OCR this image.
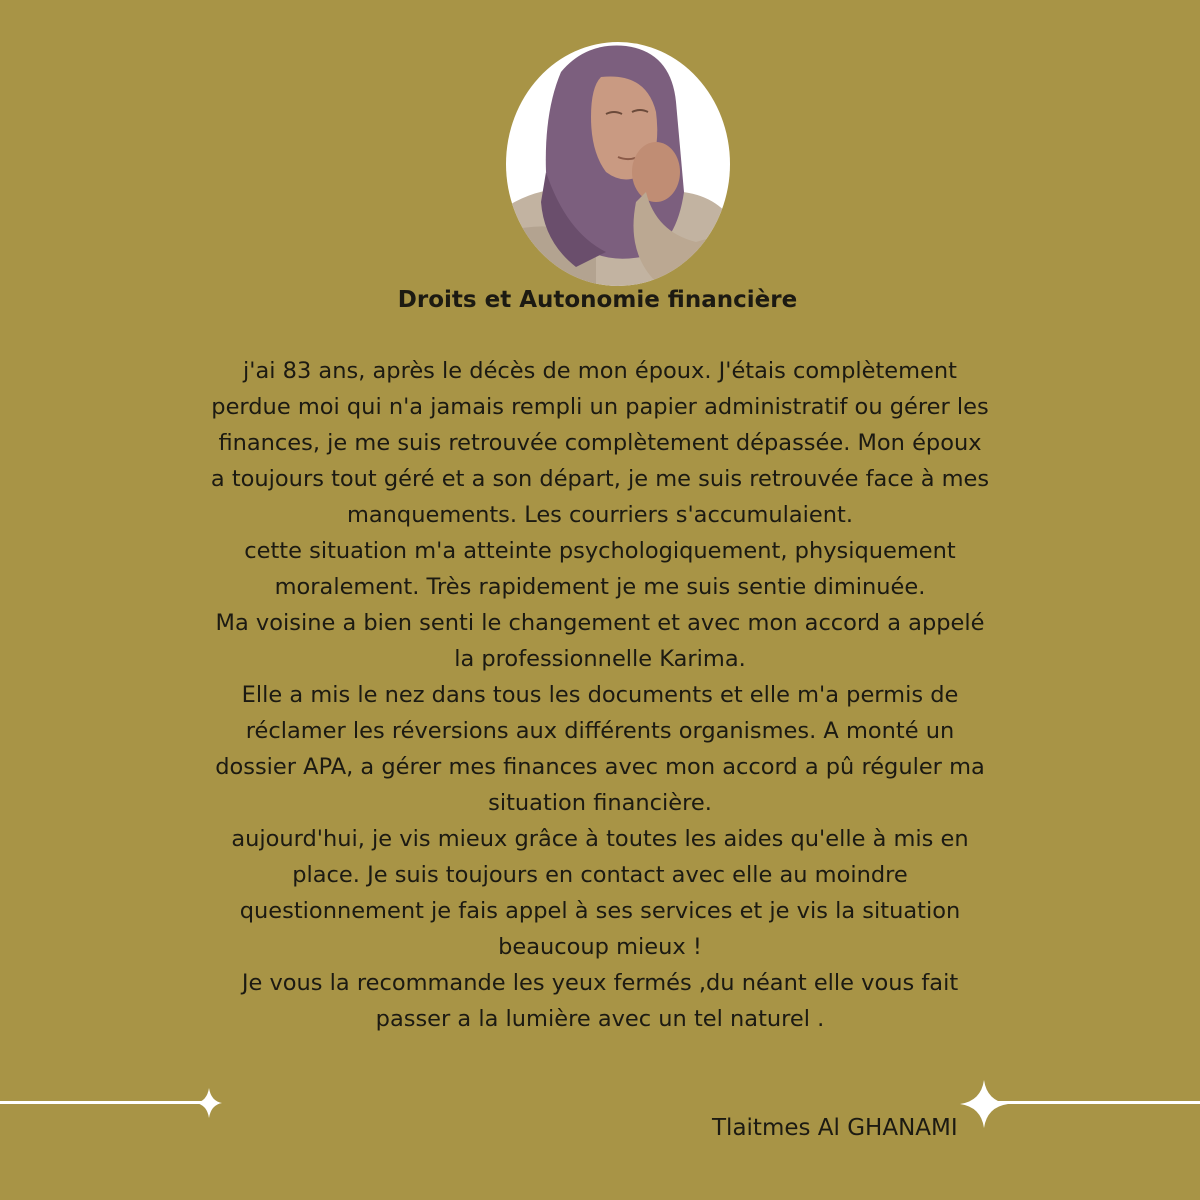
Droits et Autonomie financière

j'ai 83 ans, après le décès de mon époux. J'étais complètement perdue moi qui n'a jamais rempli un papier administratif ou gérer les finances, je me suis retrouvée complètement dépassée. Mon époux a toujours tout géré et a son départ, je me suis retrouvée face à mes manquements. Les courriers s'accumulaient.

cette situation m'a atteinte psychologiquement, physiquement moralement. Très rapidement je me suis sentie diminuée.

Ma voisine a bien senti le changement et avec mon accord a appelé la professionnelle Karima.

Elle a mis le nez dans tous les documents et elle m'a permis de réclamer les réversions aux différents organismes. A monté un dossier APA, a gérer mes finances avec mon accord a pû réguler ma situation financière.

aujourd'hui, je vis mieux grâce à toutes les aides qu'elle à mis en place. Je suis toujours en contact avec elle au moindre questionnement je fais appel à ses services et je vis la situation beaucoup mieux !

Je vous la recommande les yeux fermés ,du néant elle vous fait passer a la lumière avec un tel naturel .

Tlaitmes Al GHANAMI
